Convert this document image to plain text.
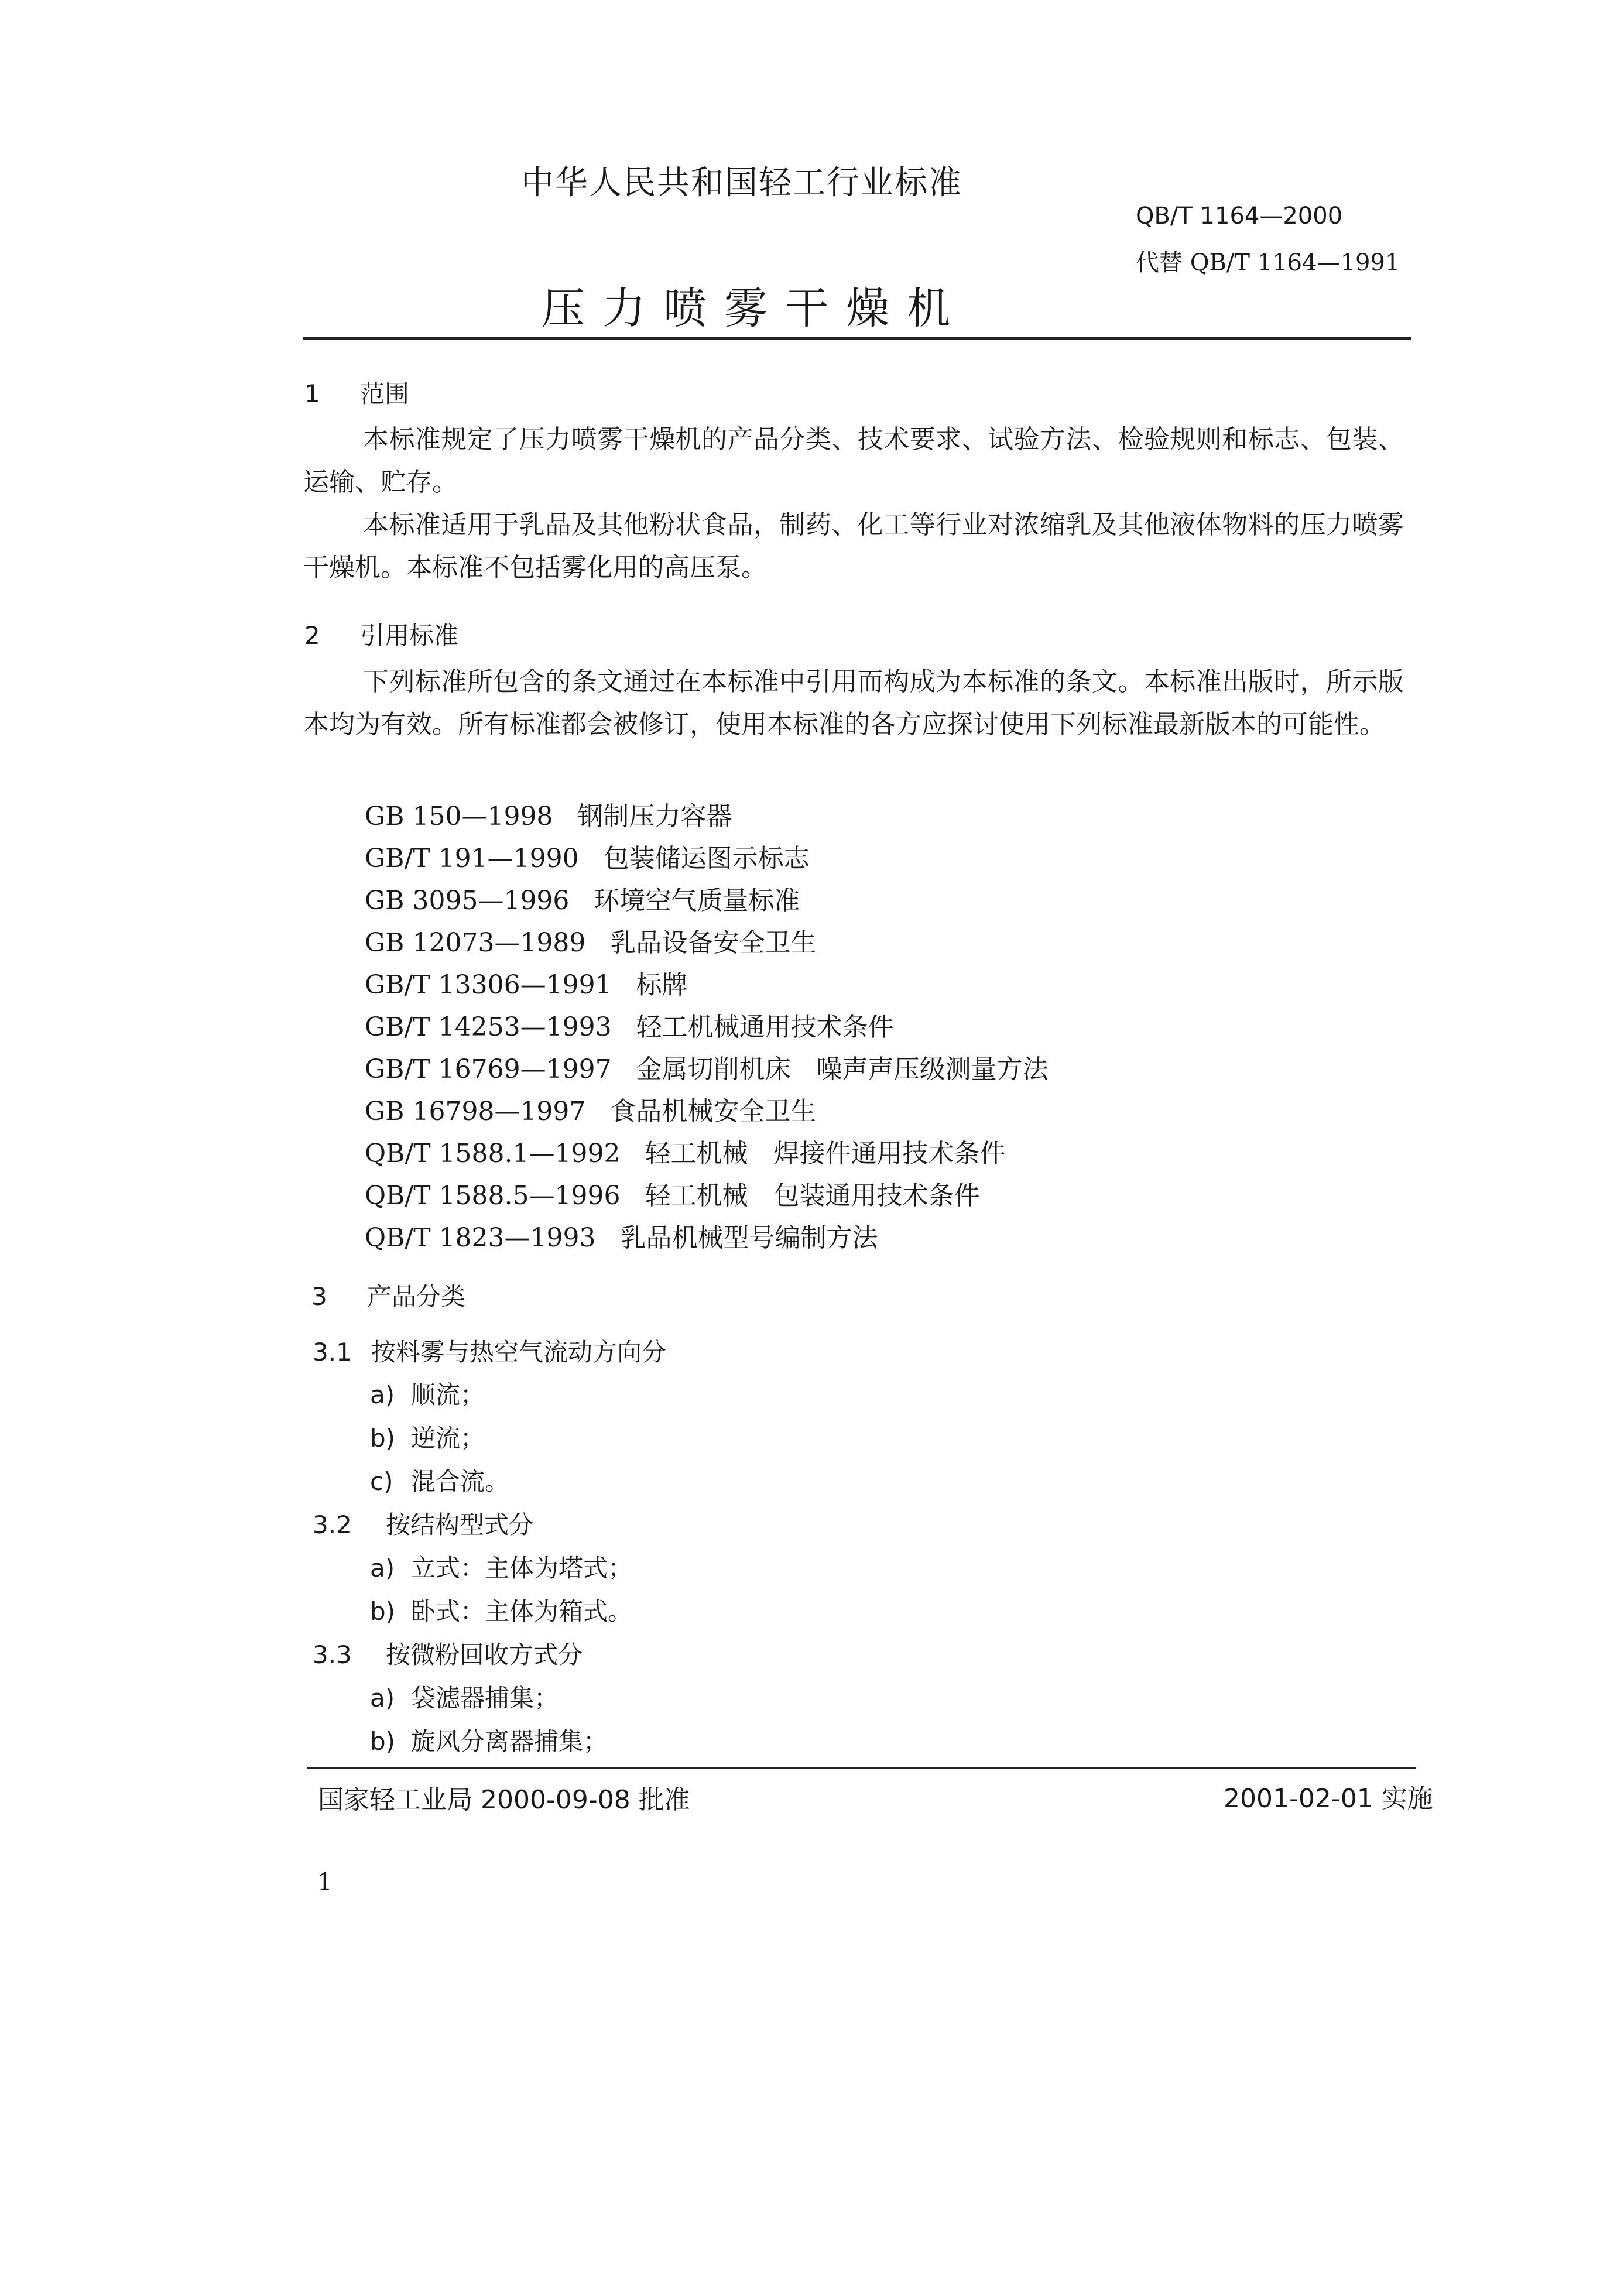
中华人民共和国轻工行业标准
QB/T 1164—2000
代替 QB/T 1164—1991
压力喷雾干燥机
1 范围
本标准规定了压力喷雾干燥机的产品分类、技术要求、试验方法、检验规则和标志、包装、运输、贮存。
本标准适用于乳品及其他粉状食品，制药、化工等行业对浓缩乳及其他液体物料的压力喷雾干燥机。本标准不包括雾化用的高压泵。
2 引用标准
下列标准所包含的条文通过在本标准中引用而构成为本标准的条文。本标准出版时，所示版本均为有效。所有标准都会被修订，使用本标准的各方应探讨使用下列标准最新版本的可能性。
GB 150—1998 钢制压力容器
GB/T 191—1990 包装储运图示标志
GB 3095—1996 环境空气质量标准
GB 12073—1989 乳品设备安全卫生
GB/T 13306—1991 标牌
GB/T 14253—1993 轻工机械通用技术条件
GB/T 16769—1997 金属切削机床　噪声声压级测量方法
GB 16798—1997 食品机械安全卫生
QB/T 1588.1—1992 轻工机械　焊接件通用技术条件
QB/T 1588.5—1996 轻工机械　包装通用技术条件
QB/T 1823—1993 乳品机械型号编制方法
3 产品分类
3.1 按料雾与热空气流动方向分
a) 顺流；
b) 逆流；
c) 混合流。
3.2 按结构型式分
a) 立式：主体为塔式；
b) 卧式：主体为箱式。
3.3 按微粉回收方式分
a) 袋滤器捕集；
b) 旋风分离器捕集；
国家轻工业局 2000-09-08 批准	2001-02-01 实施
1
